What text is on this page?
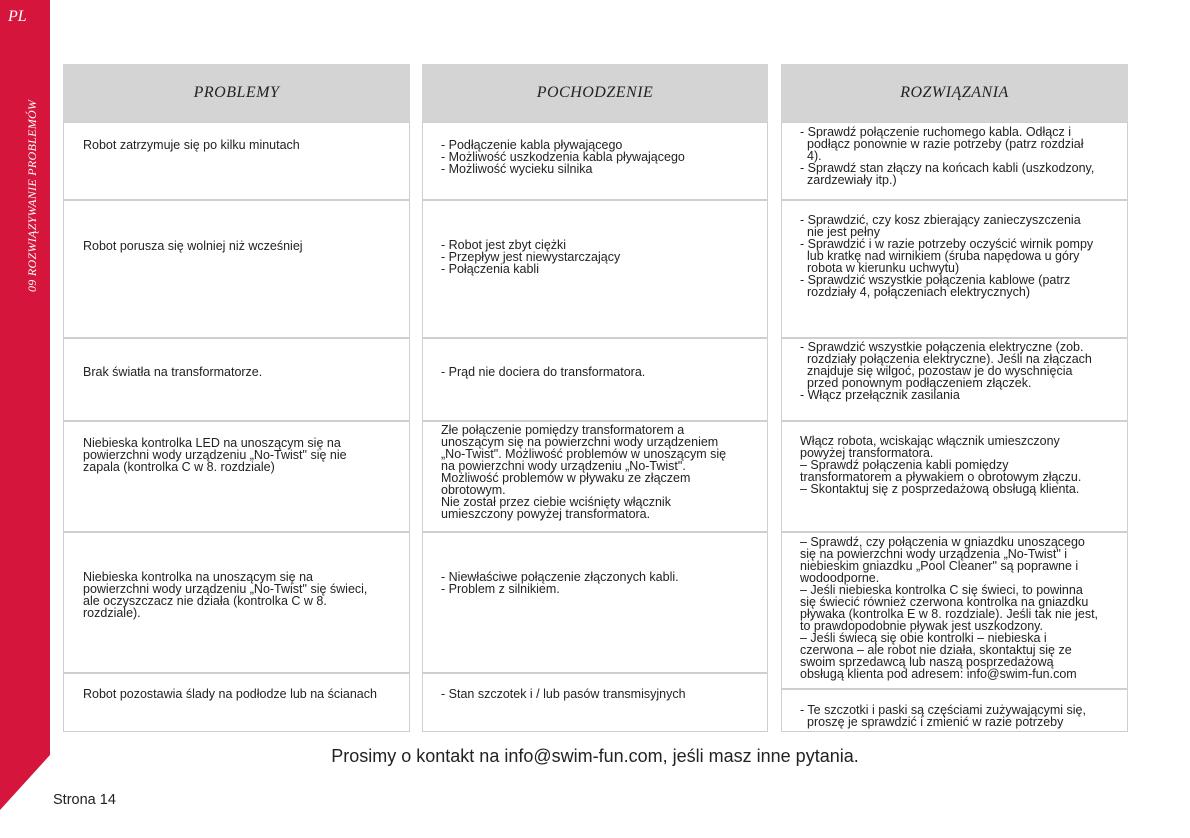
PL
09 ROZWIĄZYWANIE PROBLEMÓW
PROBLEMY
Robot zatrzymuje się po kilku minutach
Robot porusza się wolniej niż wcześniej
Brak światła na transformatorze.
Niebieska kontrolka LED na unoszącym się na
powierzchni wody urządzeniu „No-Twist" się nie
zapala (kontrolka C w 8. rozdziale)
Niebieska kontrolka na unoszącym się na
powierzchni wody urządzeniu „No-Twist" się świeci,
ale oczyszczacz nie działa (kontrolka C w 8.
rozdziale).
Robot pozostawia ślady na podłodze lub na ścianach
POCHODZENIE
- Podłączenie kabla pływającego
- Możliwość uszkodzenia kabla pływającego
- Możliwość wycieku silnika
- Robot jest zbyt ciężki
- Przepływ jest niewystarczający
- Połączenia kabli
- Prąd nie dociera do transformatora.
Złe połączenie pomiędzy transformatorem a
unoszącym się na powierzchni wody urządzeniem
„No-Twist". Możliwość problemów w unoszącym się
na powierzchni wody urządzeniu „No-Twist".
Możliwość problemów w pływaku ze złączem
obrotowym.
Nie został przez ciebie wciśnięty włącznik
umieszczony powyżej transformatora.
- Niewłaściwe połączenie złączonych kabli.
- Problem z silnikiem.
- Stan szczotek i / lub pasów transmisyjnych
ROZWIĄZANIA
- Sprawdź połączenie ruchomego kabla. Odłącz i
podłącz ponownie w razie potrzeby (patrz rozdział
4).
- Sprawdź stan złączy na końcach kabli (uszkodzony,
zardzewiały itp.)
- Sprawdzić, czy kosz zbierający zanieczyszczenia
nie jest pełny
- Sprawdzić i w razie potrzeby oczyścić wirnik pompy
lub kratkę nad wirnikiem (śruba napędowa u góry
robota w kierunku uchwytu)
- Sprawdzić wszystkie połączenia kablowe (patrz
rozdziały 4, połączeniach elektrycznych)
- Sprawdzić wszystkie połączenia elektryczne (zob.
rozdziały połączenia elektryczne). Jeśli na złączach
znajduje się wilgoć, pozostaw je do wyschnięcia
przed ponownym podłączeniem złączek.
- Włącz przełącznik zasilania
Włącz robota, wciskając włącznik umieszczony
powyżej transformatora.
– Sprawdź połączenia kabli pomiędzy
transformatorem a pływakiem o obrotowym złączu.
– Skontaktuj się z posprzedażową obsługą klienta.
– Sprawdź, czy połączenia w gniazdku unoszącego
się na powierzchni wody urządzenia „No-Twist" i
niebieskim gniazdku „Pool Cleaner" są poprawne i
wodoodporne.
– Jeśli niebieska kontrolka C się świeci, to powinna
się świecić również czerwona kontrolka na gniazdku
pływaka (kontrolka E w 8. rozdziale). Jeśli tak nie jest,
to prawdopodobnie pływak jest uszkodzony.
– Jeśli świecą się obie kontrolki – niebieska i
czerwona – ale robot nie działa, skontaktuj się ze
swoim sprzedawcą lub naszą posprzedażową
obsługą klienta pod adresem: info@swim-fun.com
- Te szczotki i paski są częściami zużywającymi się,
proszę je sprawdzić i zmienić w razie potrzeby
Prosimy o kontakt na info@swim-fun.com, jeśli masz inne pytania.
Strona 14
